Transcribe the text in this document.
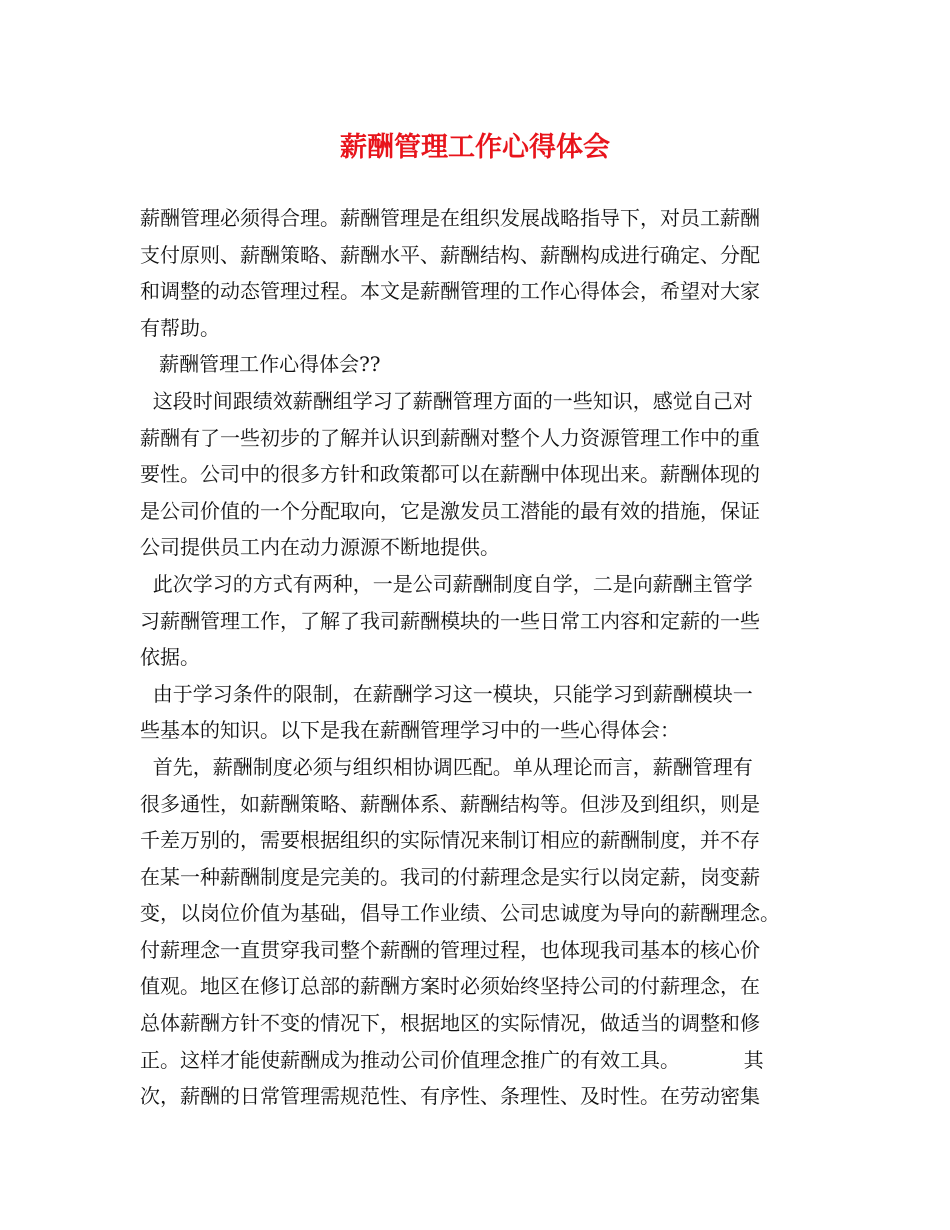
薪酬管理工作心得体会
薪酬管理必须得合理。薪酬管理是在组织发展战略指导下，对员工薪酬
支付原则、薪酬策略、薪酬水平、薪酬结构、薪酬构成进行确定、分配
和调整的动态管理过程。本文是薪酬管理的工作心得体会，希望对大家
有帮助。
薪酬管理工作心得体会??
这段时间跟绩效薪酬组学习了薪酬管理方面的一些知识，感觉自己对
薪酬有了一些初步的了解并认识到薪酬对整个人力资源管理工作中的重
要性。公司中的很多方针和政策都可以在薪酬中体现出来。薪酬体现的
是公司价值的一个分配取向，它是激发员工潜能的最有效的措施，保证
公司提供员工内在动力源源不断地提供。
此次学习的方式有两种，一是公司薪酬制度自学，二是向薪酬主管学
习薪酬管理工作，了解了我司薪酬模块的一些日常工内容和定薪的一些
依据。
由于学习条件的限制，在薪酬学习这一模块，只能学习到薪酬模块一
些基本的知识。以下是我在薪酬管理学习中的一些心得体会：
首先，薪酬制度必须与组织相协调匹配。单从理论而言，薪酬管理有
很多通性，如薪酬策略、薪酬体系、薪酬结构等。但涉及到组织，则是
千差万别的，需要根据组织的实际情况来制订相应的薪酬制度，并不存
在某一种薪酬制度是完美的。我司的付薪理念是实行以岗定薪，岗变薪
变，以岗位价值为基础，倡导工作业绩、公司忠诚度为导向的薪酬理念。
付薪理念一直贯穿我司整个薪酬的管理过程，也体现我司基本的核心价
值观。地区在修订总部的薪酬方案时必须始终坚持公司的付薪理念，在
总体薪酬方针不变的情况下，根据地区的实际情况，做适当的调整和修
正。这样才能使薪酬成为推动公司价值理念推广的有效工具。          其
次，薪酬的日常管理需规范性、有序性、条理性、及时性。在劳动密集
